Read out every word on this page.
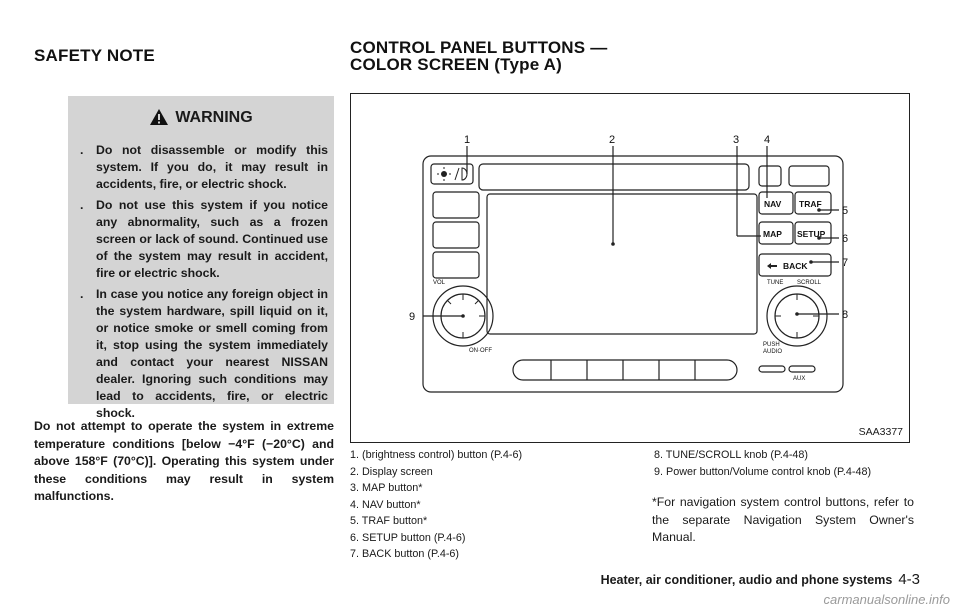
SAFETY NOTE	CONTROL PANEL BUTTONS —
COLOR SCREEN (Type A)
WARNING
. Do not disassemble or modify this system. If you do, it may result in accidents, fire, or electric shock.
. Do not use this system if you notice any abnormality, such as a frozen screen or lack of sound. Continued use of the system may result in accident, fire or electric shock.
. In case you notice any foreign object in the system hardware, spill liquid on it, or notice smoke or smell coming from it, stop using the system immediately and contact your nearest NISSAN dealer. Ignoring such conditions may lead to accidents, fire, or electric shock.
Do not attempt to operate the system in extreme temperature conditions [below −4°F (−20°C) and above 158°F (70°C)]. Operating this system under these conditions may result in system malfunctions.
1	2	3 4
5
6
7
8
9
NAV TRAF
MAP SETUP
BACK
VOL
ON·OFF
TUNE SCROLL
PUSH
AUDIO
AUX
SAA3377
1. (brightness control) button (P.4-6)
2. Display screen
3. MAP button*
4. NAV button*
5. TRAF button*
6. SETUP button (P.4-6)
7. BACK button (P.4-6)
8. TUNE/SCROLL knob (P.4-48)
9. Power button/Volume control knob (P.4-48)
*For navigation system control buttons, refer to the separate Navigation System Owner's Manual.
Heater, air conditioner, audio and phone systems 4-3
carmanualsonline.info
